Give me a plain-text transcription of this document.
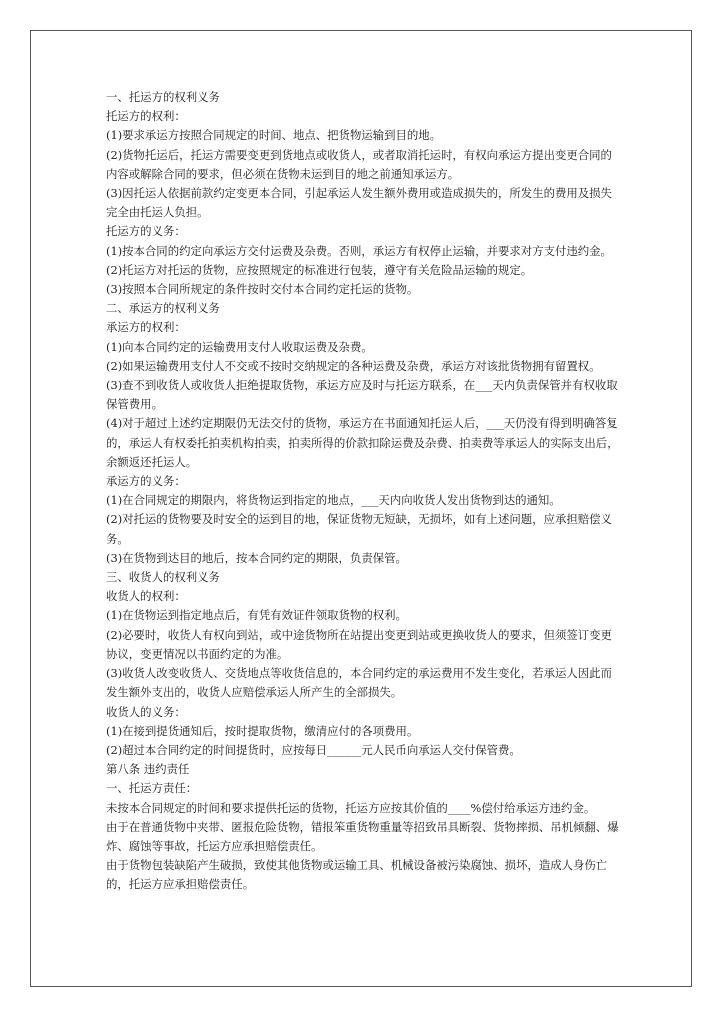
一、托运方的权利义务

托运方的权利：

(1)要求承运方按照合同规定的时间、地点、把货物运输到目的地。

(2)货物托运后，托运方需要变更到货地点或收货人，或者取消托运时，有权向承运方提出变更合同的内容或解除合同的要求，但必须在货物未运到目的地之前通知承运方。

(3)因托运人依据前款约定变更本合同，引起承运人发生额外费用或造成损失的，所发生的费用及损失完全由托运人负担。

托运方的义务：

(1)按本合同的约定向承运方交付运费及杂费。否则，承运方有权停止运输，并要求对方支付违约金。

(2)托运方对托运的货物，应按照规定的标准进行包装，遵守有关危险品运输的规定。

(3)按照本合同所规定的条件按时交付本合同约定托运的货物。

二、承运方的权利义务

承运方的权利：

(1)向本合同约定的运输费用支付人收取运费及杂费。

(2)如果运输费用支付人不交或不按时交纳规定的各种运费及杂费，承运方对该批货物拥有留置权。

(3)查不到收货人或收货人拒绝提取货物，承运方应及时与托运方联系，在___天内负责保管并有权收取保管费用。

(4)对于超过上述约定期限仍无法交付的货物，承运方在书面通知托运人后，___天仍没有得到明确答复的，承运人有权委托拍卖机构拍卖，拍卖所得的价款扣除运费及杂费、拍卖费等承运人的实际支出后，余额返还托运人。

承运方的义务：

(1)在合同规定的期限内，将货物运到指定的地点，___天内向收货人发出货物到达的通知。

(2)对托运的货物要及时安全的运到目的地，保证货物无短缺，无损坏，如有上述问题，应承担赔偿义务。

(3)在货物到达目的地后，按本合同约定的期限，负责保管。

三、收货人的权利义务

收货人的权利：

(1)在货物运到指定地点后，有凭有效证件领取货物的权利。

(2)必要时，收货人有权向到站，或中途货物所在站提出变更到站或更换收货人的要求，但须签订变更协议，变更情况以书面约定的为准。

(3)收货人改变收货人、交货地点等收货信息的，本合同约定的承运费用不发生变化，若承运人因此而发生额外支出的，收货人应赔偿承运人所产生的全部损失。

收货人的义务：

(1)在接到提货通知后，按时提取货物，缴清应付的各项费用。

(2)超过本合同约定的时间提货时，应按每日______元人民币向承运人交付保管费。

第八条 违约责任

一、托运方责任：

未按本合同规定的时间和要求提供托运的货物，托运方应按其价值的____%偿付给承运方违约金。

由于在普通货物中夹带、匿报危险货物，错报笨重货物重量等招致吊具断裂、货物摔损、吊机倾翻、爆炸、腐蚀等事故，托运方应承担赔偿责任。

由于货物包装缺陷产生破损，致使其他货物或运输工具、机械设备被污染腐蚀、损坏，造成人身伤亡的，托运方应承担赔偿责任。
